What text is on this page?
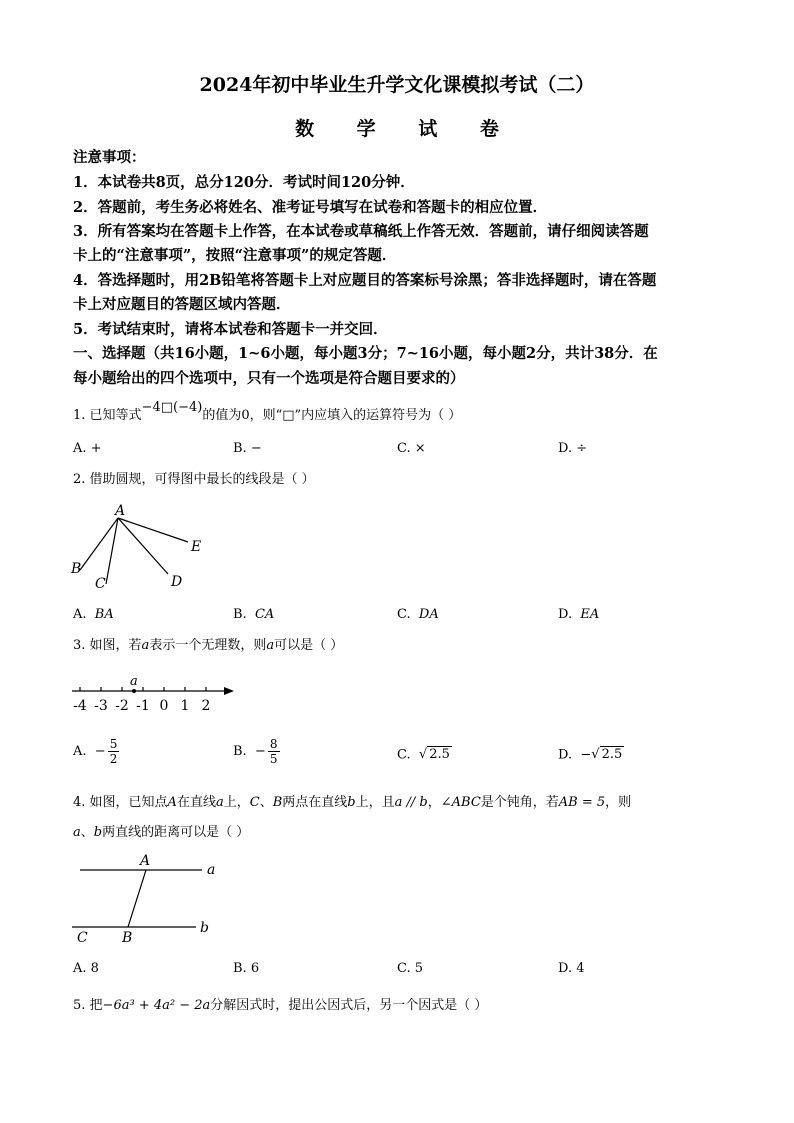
2024年初中毕业生升学文化课模拟考试（二）
数 学 试 卷
注意事项：
1．本试卷共8页，总分120分．考试时间120分钟．
2．答题前，考生务必将姓名、准考证号填写在试卷和答题卡的相应位置．
3．所有答案均在答题卡上作答，在本试卷或草稿纸上作答无效．答题前，请仔细阅读答题
卡上的“注意事项”，按照“注意事项”的规定答题．
4．答选择题时，用2B铅笔将答题卡上对应题目的答案标号涂黑；答非选择题时，请在答题
卡上对应题目的答题区域内答题．
5．考试结束时，请将本试卷和答题卡一并交回．
一、选择题（共16小题，1~6小题，每小题3分；7~16小题，每小题2分，共计38分．在
每小题给出的四个选项中，只有一个选项是符合题目要求的）
1. 已知等式−4□(−4)的值为0，则“□”内应填入的运算符号为（ ）
A. +	B. −	C. ×	D. ÷
2. 借助圆规，可得图中最长的线段是（ ）
A
B
C	D
E
A. BA	B. CA	C. DA	D. EA
3. 如图，若a表示一个无理数，则a可以是（ ）
-4 -3 -2 -1 0 1 2
a
A. − $\frac{5}{2}$	B. − $\frac{8}{5}$	C. √ 2.5	D. −√ 2.5
4. 如图，已知点A在直线a上，C、B两点在直线b上，且a // b，∠ABC是个钝角，若AB = 5，则
a、b两直线的距离可以是（ ）
A
a
C B
b
A. 8	B. 6	C. 5	D. 4
5. 把−6a³ + 4a² − 2a分解因式时，提出公因式后，另一个因式是（ ）
